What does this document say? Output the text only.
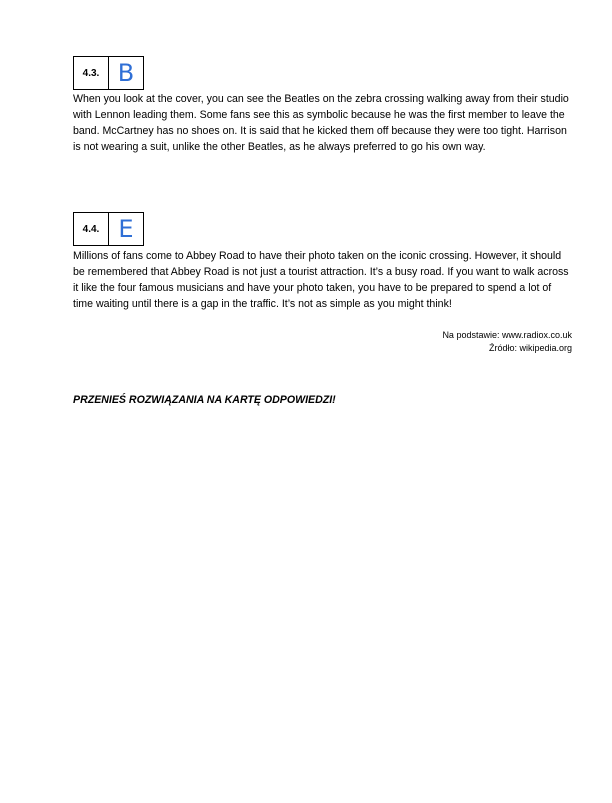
4.3. B

When you look at the cover, you can see the Beatles on the zebra crossing walking away from their studio with Lennon leading them. Some fans see this as symbolic because he was the first member to leave the band. McCartney has no shoes on. It is said that he kicked them off because they were too tight. Harrison is not wearing a suit, unlike the other Beatles, as he always preferred to go his own way.

4.4. E

Millions of fans come to Abbey Road to have their photo taken on the iconic crossing. However, it should be remembered that Abbey Road is not just a tourist attraction. It’s a busy road. If you want to walk across it like the four famous musicians and have your photo taken, you have to be prepared to spend a lot of time waiting until there is a gap in the traffic. It’s not as simple as you might think!

Na podstawie: www.radiox.co.uk
Źródło: wikipedia.org
PRZENIEŚ ROZWIĄZANIA NA KARTĘ ODPOWIEDZI!
